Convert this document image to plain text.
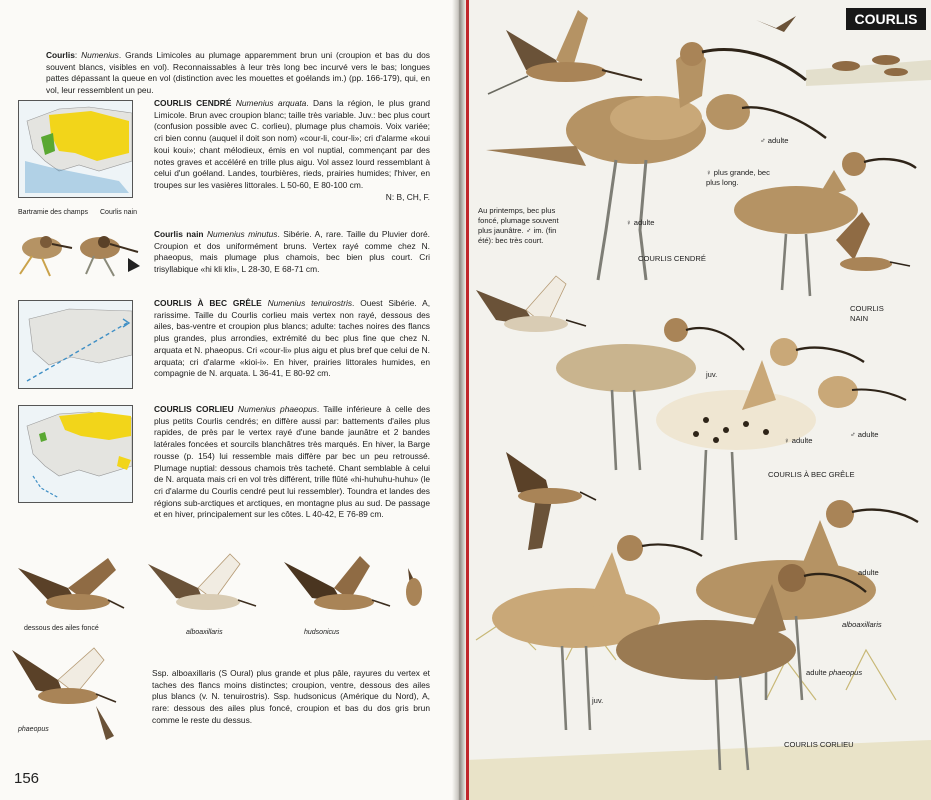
Courlis: Numenius. Grands Limicoles au plumage apparemment brun uni (croupion et bas du dos souvent blancs, visibles en vol). Reconnaissables à leur très long bec incurvé vers le bas; longues pattes dépassant la queue en vol (distinction avec les mouettes et goélands im.) (pp. 166-179), qui, en vol, leur ressemblent un peu.
COURLIS CENDRÉ Numenius arquata. Dans la région, le plus grand Limicole. Brun avec croupion blanc; taille très variable. Juv.: bec plus court (confusion possible avec C. corlieu), plumage plus chamois. Voix variée; cri bien connu (auquel il doit son nom) «cour-li, cour-li»; cri d'alarme «koui koui koui»; chant mélodieux, émis en vol nuptial, commençant par des notes graves et accéléré en trille plus aigu. Vol assez lourd ressemblant à celui d'un goéland. Landes, tourbières, rieds, prairies humides; l'hiver, en troupes sur les vasières littorales. L 50-60, E 80-100 cm.
N: B, CH, F.
Bartramie des champs Courlis nain
Courlis nain Numenius minutus. Sibérie. A, rare. Taille du Pluvier doré. Croupion et dos uniformément bruns. Vertex rayé comme chez N. phaeopus, mais plumage plus chamois, bec bien plus court. Cri trisyllabique «hi kli kli», L 28-30, E 68-71 cm.
COURLIS À BEC GRÊLE Numenius tenuirostris. Ouest Sibérie. A, rarissime. Taille du Courlis corlieu mais vertex non rayé, dessous des ailes, bas-ventre et croupion plus blancs; adulte: taches noires des flancs plus grandes, plus arrondies, extrémité du bec plus fine que chez N. arquata et N. phaeopus. Cri «cour-li» plus aigu et plus bref que celui de N. arquata; cri d'alarme «kioi-i». En hiver, prairies littorales humides, en compagnie de N. arquata. L 36-41, E 80-92 cm.
COURLIS CORLIEU Numenius phaeopus. Taille inférieure à celle des plus petits Courlis cendrés; en diffère aussi par: battements d'ailes plus rapides, de près par le vertex rayé d'une bande jaunâtre et 2 bandes latérales foncées et sourcils blanchâtres très marqués. En hiver, la Barge rousse (p. 154) lui ressemble mais diffère par bec un peu retroussé. Plumage nuptial: dessous chamois très tacheté. Chant semblable à celui de N. arquata mais cri en vol très différent, trille flûté «hi-huhuhu-huhu» (le cri d'alarme du Courlis cendré peut lui ressembler). Toundra et landes des régions sub-arctiques et arctiques, en montagne plus au sud. De passage et en hiver, principalement sur les côtes. L 40-42, E 76-89 cm.
dessous des ailes foncé
alboaxillaris	hudsonicus
phaeopus
Ssp. alboaxillaris (S Oural) plus grande et plus pâle, rayures du vertex et taches des flancs moins distinctes; croupion, ventre, dessous des ailes plus blancs (v. N. tenuirostris). Ssp. hudsonicus (Amérique du Nord), A, rare: dessous des ailes plus foncé, croupion et bas du dos gris brun comme le reste du dessus.
156
COURLIS
♂ adulte
♀ plus grande, bec plus long.
Au printemps, bec plus foncé, plumage souvent plus jaunâtre. ♂ im. (fin été): bec très court.
♀ adulte
COURLIS CENDRÉ
COURLIS NAIN
juv.
♀ adulte
♂ adulte
COURLIS À BEC GRÊLE
adulte
alboaxillaris
adulte phaeopus
juv.
COURLIS CORLIEU
